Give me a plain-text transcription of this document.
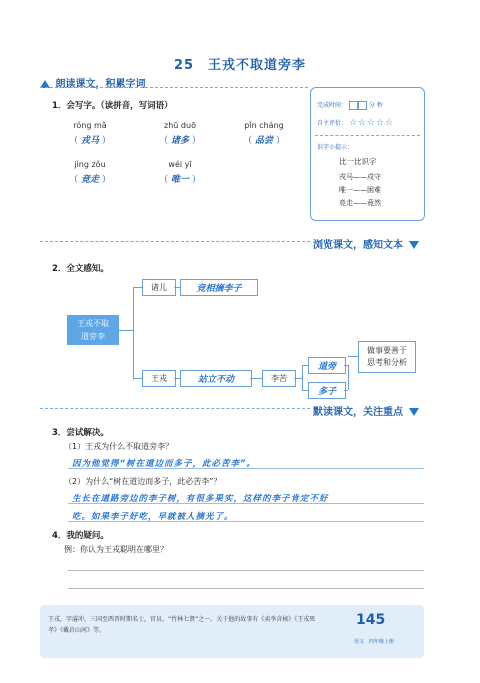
25　王戎不取道旁李
朗读课文，积累字词
1．会写字。（读拼音，写词语）
róng mǎ
（ 戎马 ）
zhū duō
（ 诸多 ）
pǐn cháng
（ 品尝 ）
jìng zǒu
（ 竞走 ）
wéi yī
（ 唯一 ）
完成时间：	分 秒
自主评价： ☆☆☆☆☆
识字小提示：
比一比识字
戎马——戍守
唯一——困难
竞走——竟然
浏览课文，感知文本
2．全文感知。
王戎不取
道旁李
诸儿	竞相摘李子
王戎	站立不动	李苦
道旁
多子
做事要善于
思考和分析
默读课文，关注重点
3．尝试解决。
（1）王戎为什么不取道旁李？
因为他觉得“树在道边而多子，此必苦李”。
（2）为什么“树在道边而多子，此必苦李”？
生长在道路旁边的李子树，有很多果实，这样的李子肯定不好
吃。如果李子好吃，早就被人摘光了。
4．我的疑问。
例：你认为王戎聪明在哪里？
王戎，字濬冲，三国至西晋时期名士，官员，“竹林七贤”之一。关于他的故事有《卖李含核》《王戎死
孝》《戴岩山河》等。
145
语文　四年级上册
